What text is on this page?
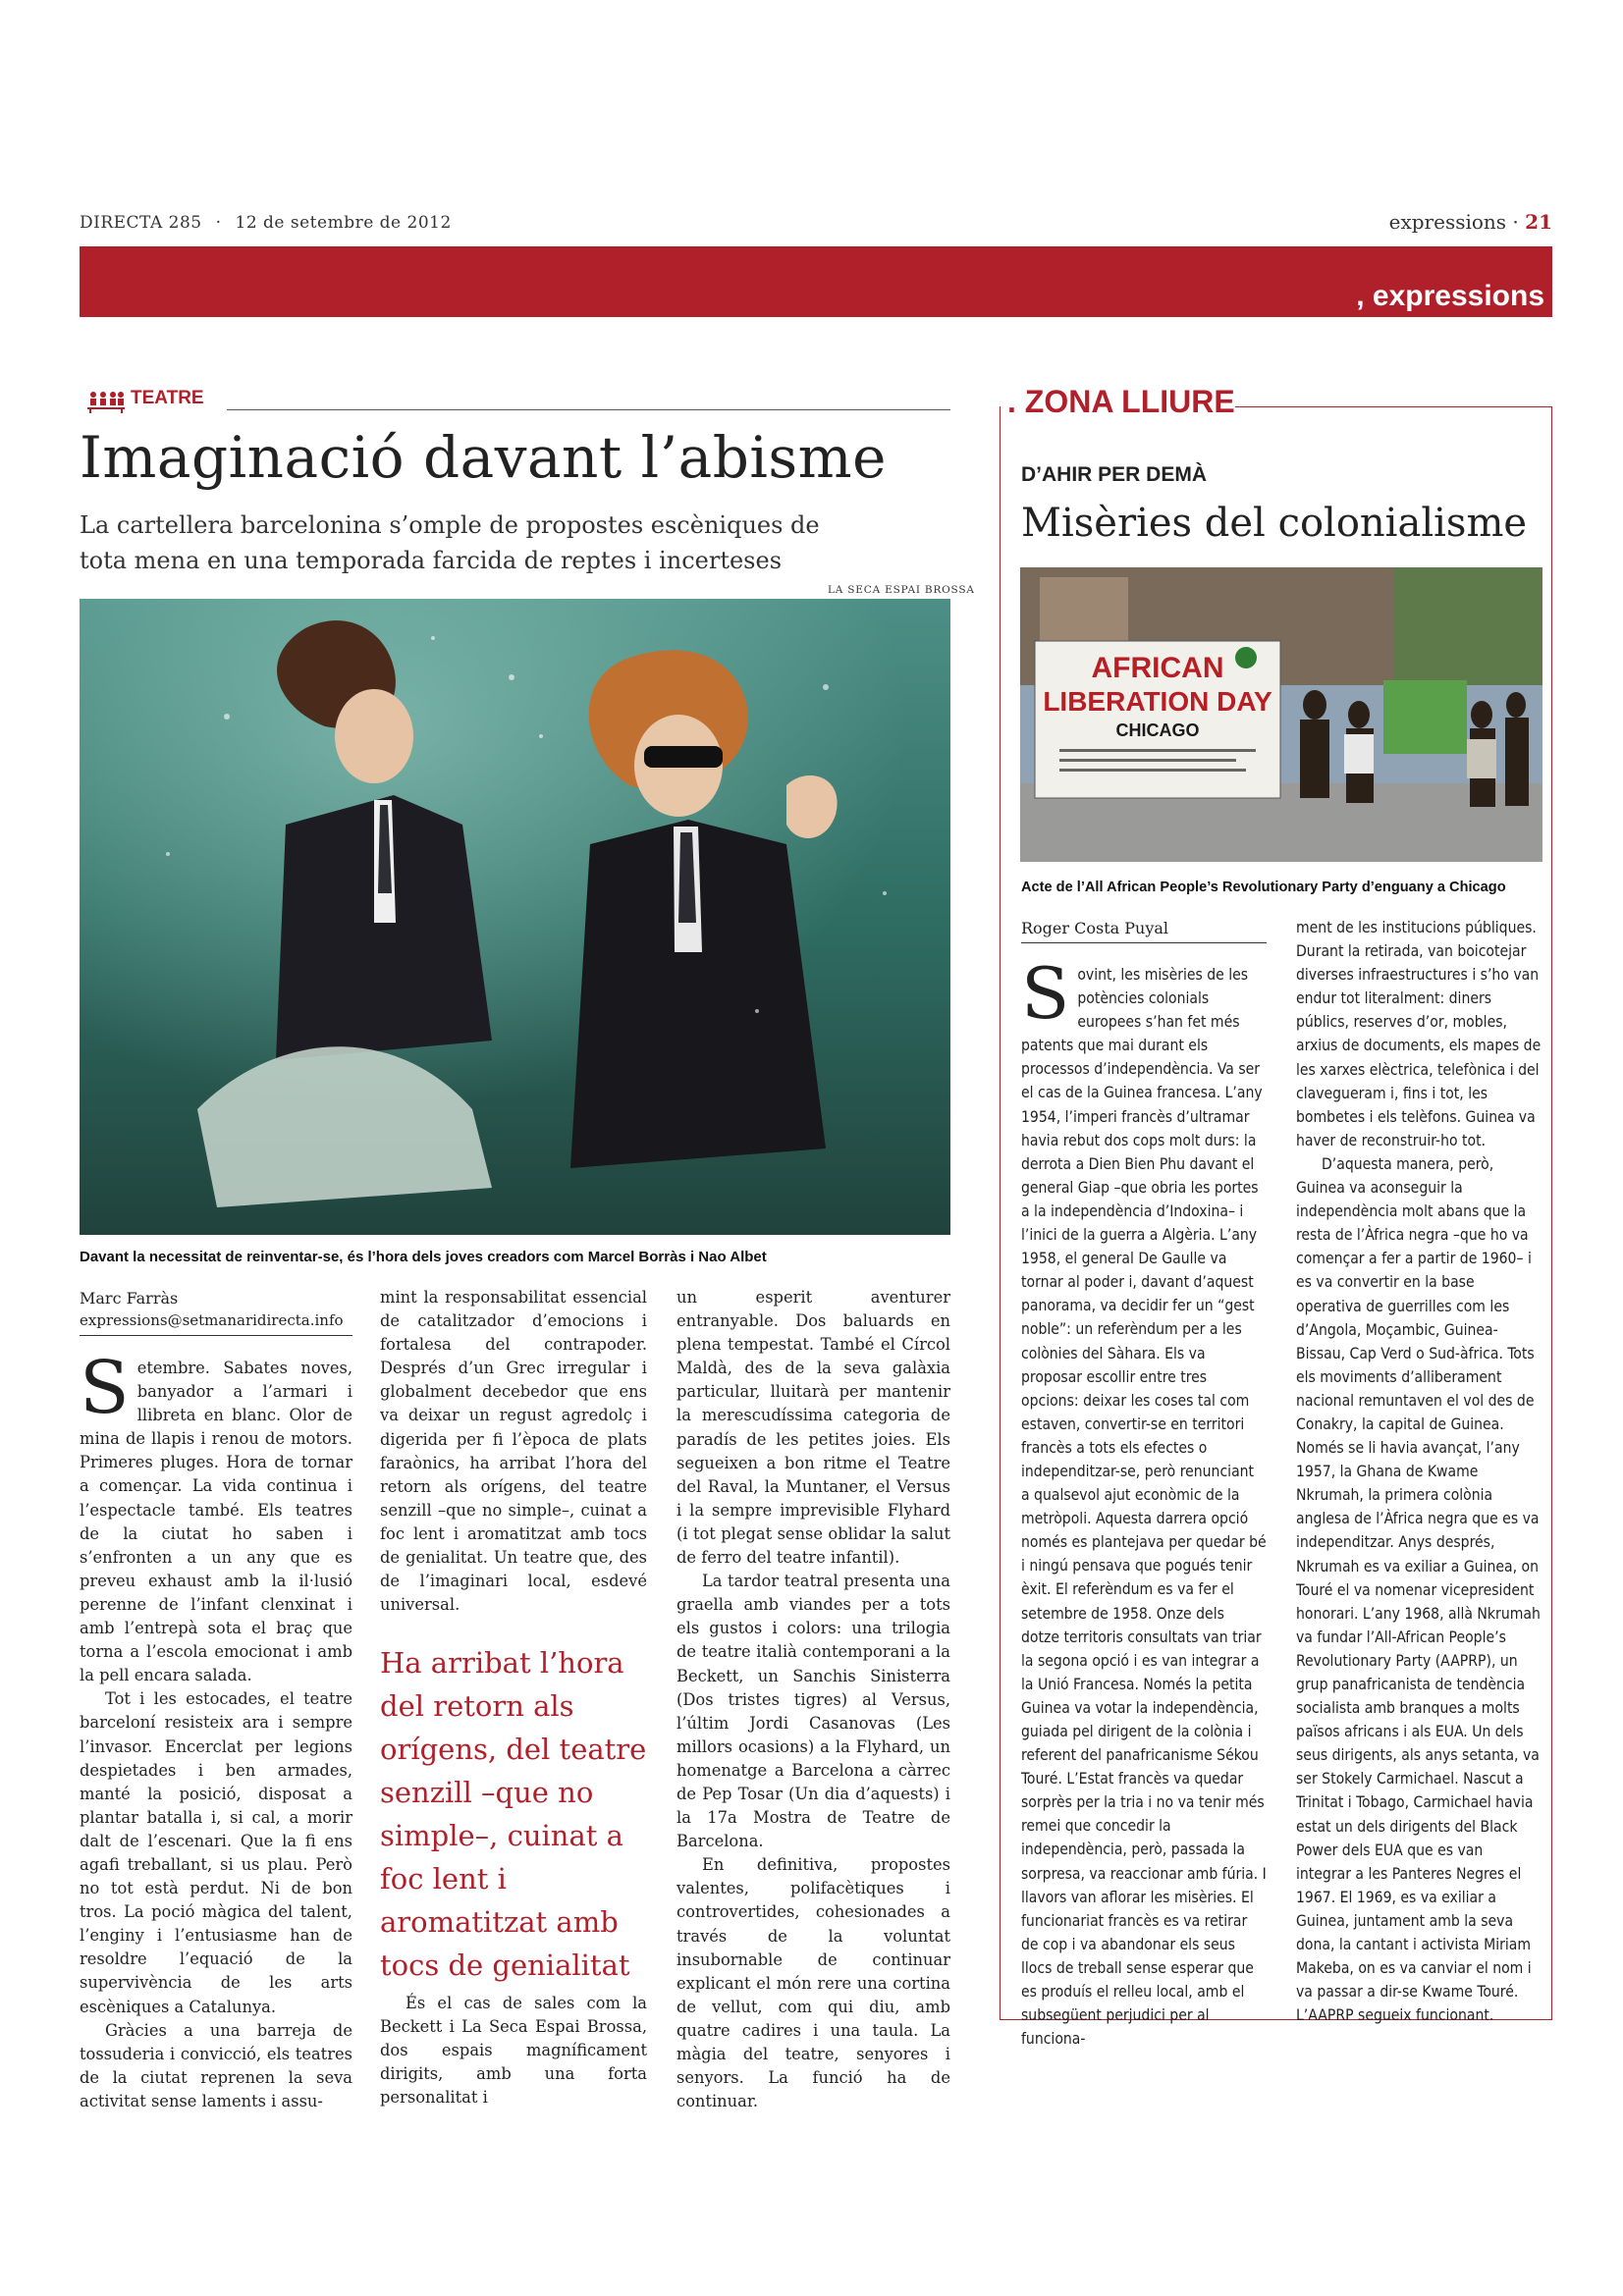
DIRECTA 285 · 12 de setembre de 2012	expressions · 21
, expressions
TEATRE
Imaginació davant l’abisme
La cartellera barcelonina s’omple de propostes escèniques de tota mena en una temporada farcida de reptes i incerteses
LA SECA ESPAI BROSSA
Davant la necessitat de reinventar-se, és l’hora dels joves creadors com Marcel Borràs i Nao Albet
Marc Farràs
expressions@setmanaridirecta.info

Setembre. Sabates noves, banyador a l’armari i llibreta en blanc. Olor de mina de llapis i renou de motors. Primeres pluges. Hora de tornar a començar. La vida continua i l’espectacle també. Els teatres de la ciutat ho saben i s’enfronten a un any que es preveu exhaust amb la il·lusió perenne de l’infant clenxinat i amb l’entrepà sota el braç que torna a l’escola emocionat i amb la pell encara salada.

Tot i les estocades, el teatre barceloní resisteix ara i sempre l’invasor. Encerclat per legions despietades i ben armades, manté la posició, disposat a plantar batalla i, si cal, a morir dalt de l’escenari. Que la fi ens agafi treballant, si us plau. Però no tot està perdut. Ni de bon tros. La poció màgica del talent, l’enginy i l’entusiasme han de resoldre l’equació de la supervivència de les arts escèniques a Catalunya.

Gràcies a una barreja de tossuderia i convicció, els teatres de la ciutat reprenen la seva activitat sense laments i assu-

mint la responsabilitat essencial de catalitzador d’emocions i fortalesa del contrapoder. Després d’un Grec irregular i globalment decebedor que ens va deixar un regust agredolç i digerida per fi l’època de plats faraònics, ha arribat l’hora del retorn als orígens, del teatre senzill –que no simple–, cuinat a foc lent i aromatitzat amb tocs de genialitat. Un teatre que, des de l’imaginari local, esdevé universal.

Ha arribat l’hora del retorn als orígens, del teatre senzill –que no simple–, cuinat a foc lent i aromatitzat amb tocs de genialitat

És el cas de sales com la Beckett i La Seca Espai Brossa, dos espais magníficament dirigits, amb una forta personalitat i

un esperit aventurer entranyable. Dos baluards en plena tempestat. També el Círcol Maldà, des de la seva galàxia particular, lluitarà per mantenir la merescudíssima categoria de paradís de les petites joies. Els segueixen a bon ritme el Teatre del Raval, la Muntaner, el Versus i la sempre imprevisible Flyhard (i tot plegat sense oblidar la salut de ferro del teatre infantil).

La tardor teatral presenta una graella amb viandes per a tots els gustos i colors: una trilogia de teatre italià contemporani a la Beckett, un Sanchis Sinisterra (Dos tristes tigres) al Versus, l’últim Jordi Casanovas (Les millors ocasions) a la Flyhard, un homenatge a Barcelona a càrrec de Pep Tosar (Un dia d’aquests) i la 17a Mostra de Teatre de Barcelona.

En definitiva, propostes valentes, polifacètiques i controvertides, cohesionades a través de la voluntat insubornable de continuar explicant el món rere una cortina de vellut, com qui diu, amb quatre cadires i una taula. La màgia del teatre, senyores i senyors. La funció ha de continuar.

. ZONA LLIURE
D’AHIR PER DEMÀ
Misèries del colonialisme
AFRICAN
LIBERATION DAY
CHICAGO
Acte de l’All African People’s Revolutionary Party d’enguany a Chicago
Roger Costa Puyal

Sovint, les misèries de les potències colonials europees s’han fet més patents que mai durant els processos d’independència. Va ser el cas de la Guinea francesa. L’any 1954, l’imperi francès d’ultramar havia rebut dos cops molt durs: la derrota a Dien Bien Phu davant el general Giap –que obria les portes a la independència d’Indoxina– i l’inici de la guerra a Algèria. L’any 1958, el general De Gaulle va tornar al poder i, davant d’aquest panorama, va decidir fer un “gest noble”: un referèndum per a les colònies del Sàhara. Els va proposar escollir entre tres opcions: deixar les coses tal com estaven, convertir-se en territori francès a tots els efectes o independitzar-se, però renunciant a qualsevol ajut econòmic de la metròpoli. Aquesta darrera opció només es plantejava per quedar bé i ningú pensava que pogués tenir èxit. El referèndum es va fer el setembre de 1958. Onze dels dotze territoris consultats van triar la segona opció i es van integrar a la Unió Francesa. Només la petita Guinea va votar la independència, guiada pel dirigent de la colònia i referent del panafricanisme Sékou Touré. L’Estat francès va quedar sorprès per la tria i no va tenir més remei que concedir la independència, però, passada la sorpresa, va reaccionar amb fúria. I llavors van aflorar les misèries. El funcionariat francès es va retirar de cop i va abandonar els seus llocs de treball sense esperar que es produís el relleu local, amb el subsegüent perjudici per al funciona-

ment de les institucions públiques. Durant la retirada, van boicotejar diverses infraestructures i s’ho van endur tot literalment: diners públics, reserves d’or, mobles, arxius de documents, els mapes de les xarxes elèctrica, telefònica i del clavegueram i, fins i tot, les bombetes i els telèfons. Guinea va haver de reconstruir-ho tot.

D’aquesta manera, però, Guinea va aconseguir la independència molt abans que la resta de l’Àfrica negra –que ho va començar a fer a partir de 1960– i es va convertir en la base operativa de guerrilles com les d’Angola, Moçambic, Guinea-Bissau, Cap Verd o Sud-àfrica. Tots els moviments d’alliberament nacional remuntaven el vol des de Conakry, la capital de Guinea. Només se li havia avançat, l’any 1957, la Ghana de Kwame Nkrumah, la primera colònia anglesa de l’Àfrica negra que es va independitzar. Anys després, Nkrumah es va exiliar a Guinea, on Touré el va nomenar vicepresident honorari. L’any 1968, allà Nkrumah va fundar l’All-African People’s Revolutionary Party (AAPRP), un grup panafricanista de tendència socialista amb branques a molts països africans i als EUA. Un dels seus dirigents, als anys setanta, va ser Stokely Carmichael. Nascut a Trinitat i Tobago, Carmichael havia estat un dels dirigents del Black Power dels EUA que es van integrar a les Panteres Negres el 1967. El 1969, es va exiliar a Guinea, juntament amb la seva dona, la cantant i activista Miriam Makeba, on es va canviar el nom i va passar a dir-se Kwame Touré. L’AAPRP segueix funcionant.
